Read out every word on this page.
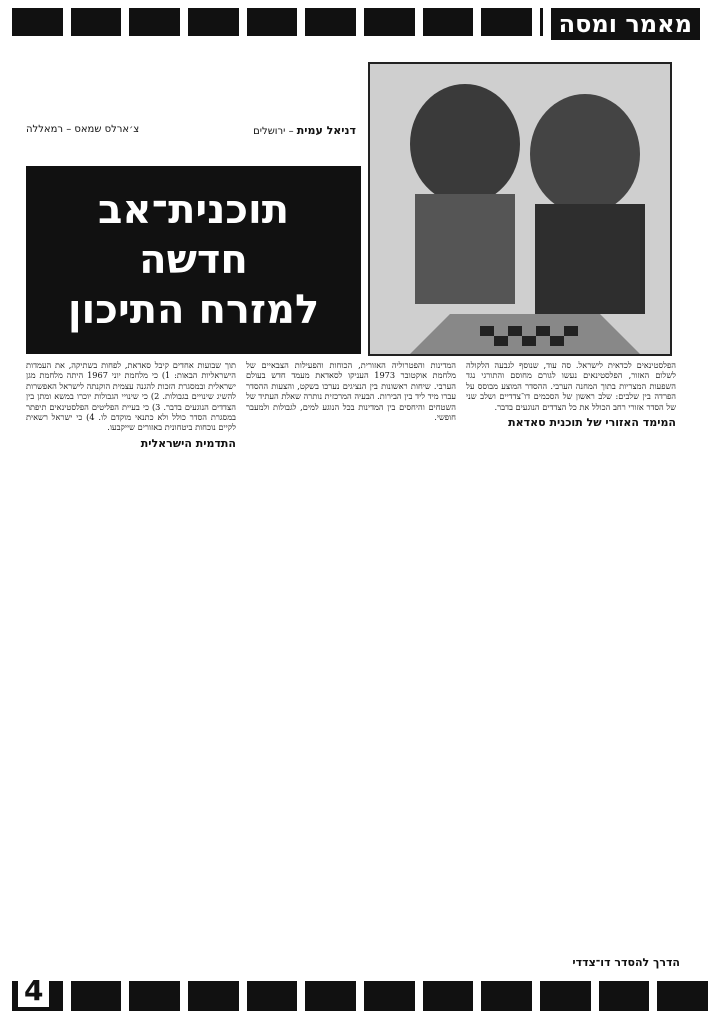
מאמר ומסה
דניאל עמית – ירושלים
צ׳ארלס שמאס – רמאללה
תוכנית־אב
חדשה
למזרח התיכון

תוך שבועות אחדים קיבל סאדאת, לפחות בשתיקה, את העמדות הישראליות הבאות: 1) כי מלחמת יוני 1967 היתה מלחמת מגן ישראלית ובמסגרת הזכות להגנה עצמית הוקנתה לישראל האפשרות להשיג שינויים בגבולות. 2) כי שינויי הגבולות יוכרו במשא ומתן בין הצדדים הנוגעים בדבר. 3) כי בעיית הפליטים הפלסטינאים תיפתר במסגרת הסדר כולל ולא כתנאי מוקדם לו. 4) כי ישראל רשאית לקיים נוכחות ביטחונית באזורים שייקבעו.

התדמית הישראלית

המדינות והפטרוליה האזורית, הכוחות והפעילות הצבאיים של מלחמת אוקטובר 1973 העניקו לסאדאת מעמד חדש בעולם הערבי. שיחות ראשונות בין הנציגים נערכו בשקט, והצעות ההסדר עברו מיד ליד בין הבירות. הבעיה המרכזית נותרה שאלת העתיד של השטחים והיחסים בין המדינות בכל הנוגע למים, לגבולות ולמעבר חופשי.

הפלסטינאים לכדאית לישראל. סה עוד, שנוסף לגבעה הלקולה לשלום האזור, הפלסטינאים נעשו לגורם מחוסם והתורגי נגד השפעות המצריות בתוך המחנה הערבי. ההסדר המוצע מבוסס על הפרדה בין שלבים: שלב ראשון של הסכמים דו־צדדיים ושלב שני של הסדר אזורי רחב הכולל את כל הצדדים הנוגעים בדבר.

המימד האזורי של תוכנית סאדאת
הדרך להסדר דו־צדדי
4
